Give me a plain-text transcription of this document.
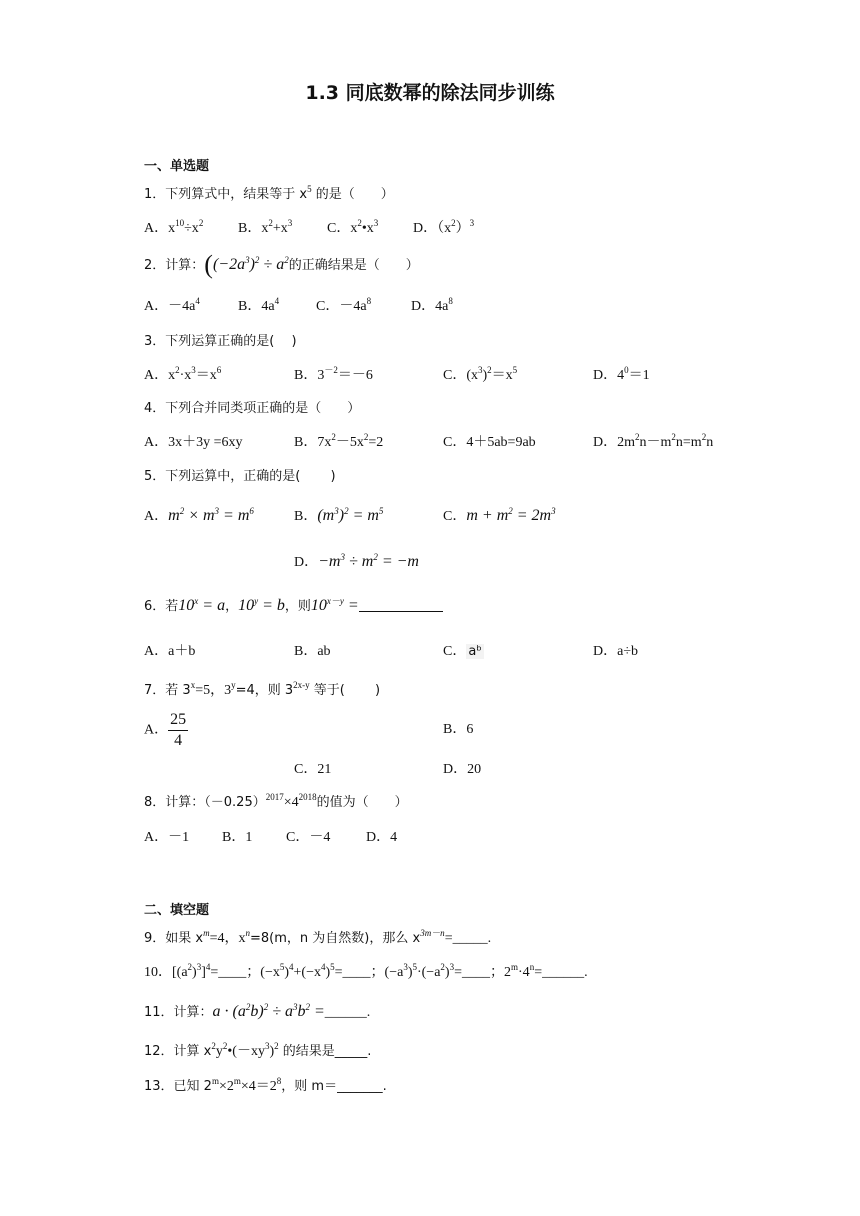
1.3 同底数幂的除法同步训练
一、单选题
1．下列算式中，结果等于 $x^5$ 的是（　　）
A．$x^{10}\div x^2$ B．$x^2+x^3$ C．$x^2•x^3$ D．$(x^2)^3$
2．计算：($(-2a^3)^2 \div a^2$的正确结果是（　　）
A．$-4a^4$	B．$4a^4$	C．$-4a^8$	D．$4a^8$
3．下列运算正确的是(　 )
A．$x^2\cdot x^3=x^6$	B．$3^{-2}=-6$	C．$(x^3)^2=x^5$	D．$4^0=1$
4．下列合并同类项正确的是（　　）
A．3x＋3y =6xy	B．$7x^2-5x^2=2$	C．4＋5ab=9ab	D．$2m^2n-m^2n=m^2n$
5．下列运算中，正确的是(　　 )
A．$m^2 \times m^3 = m^6$	B．$(m^3)^2 = m^5$	C．$m + m^2 = 2m^3$
D．$-m^3 \div m^2 = -m$
6．若$10^x = a$，$10^y = b$，则$10^{x-y}$ =
A．a＋b	B．ab	C． aᵇ	D．a÷b
7．若 $3^x=5$，$3^y=4$，则 $3^{2x-y}$ 等于(　　 )
A． $\frac{25}{4}$	B．6
C．21	D．20
8．计算：$(-0.25)^{2017}\times 4^{2018}$的值为（　　）
A．－1 B．1 C．－4	D．4
二、填空题
9．如果 $x^m=4$，$x^n=8(m$，n 为自然数)，那么 $x^{3m-n}=\_\_\_\_\_$.
10．$[(a^2)^3]^4=\_\_\_\_$；$(-x^5)^4+(-x^4)^5=\_\_\_\_$；$(-a^3)^5\cdot(-a^2)^3=\_\_\_\_$；$2^m\cdot 4^n=\_\_\_\_\_\_$.
11．计算：$a \cdot (a^2b)^2 \div a^3b^2$ =______.
12．计算 $x^2y^2•(-xy^3)^2$ 的结果是_____.
13．已知 $2^m\times 2^m\times 4=2^8$，则 m＝_______.
